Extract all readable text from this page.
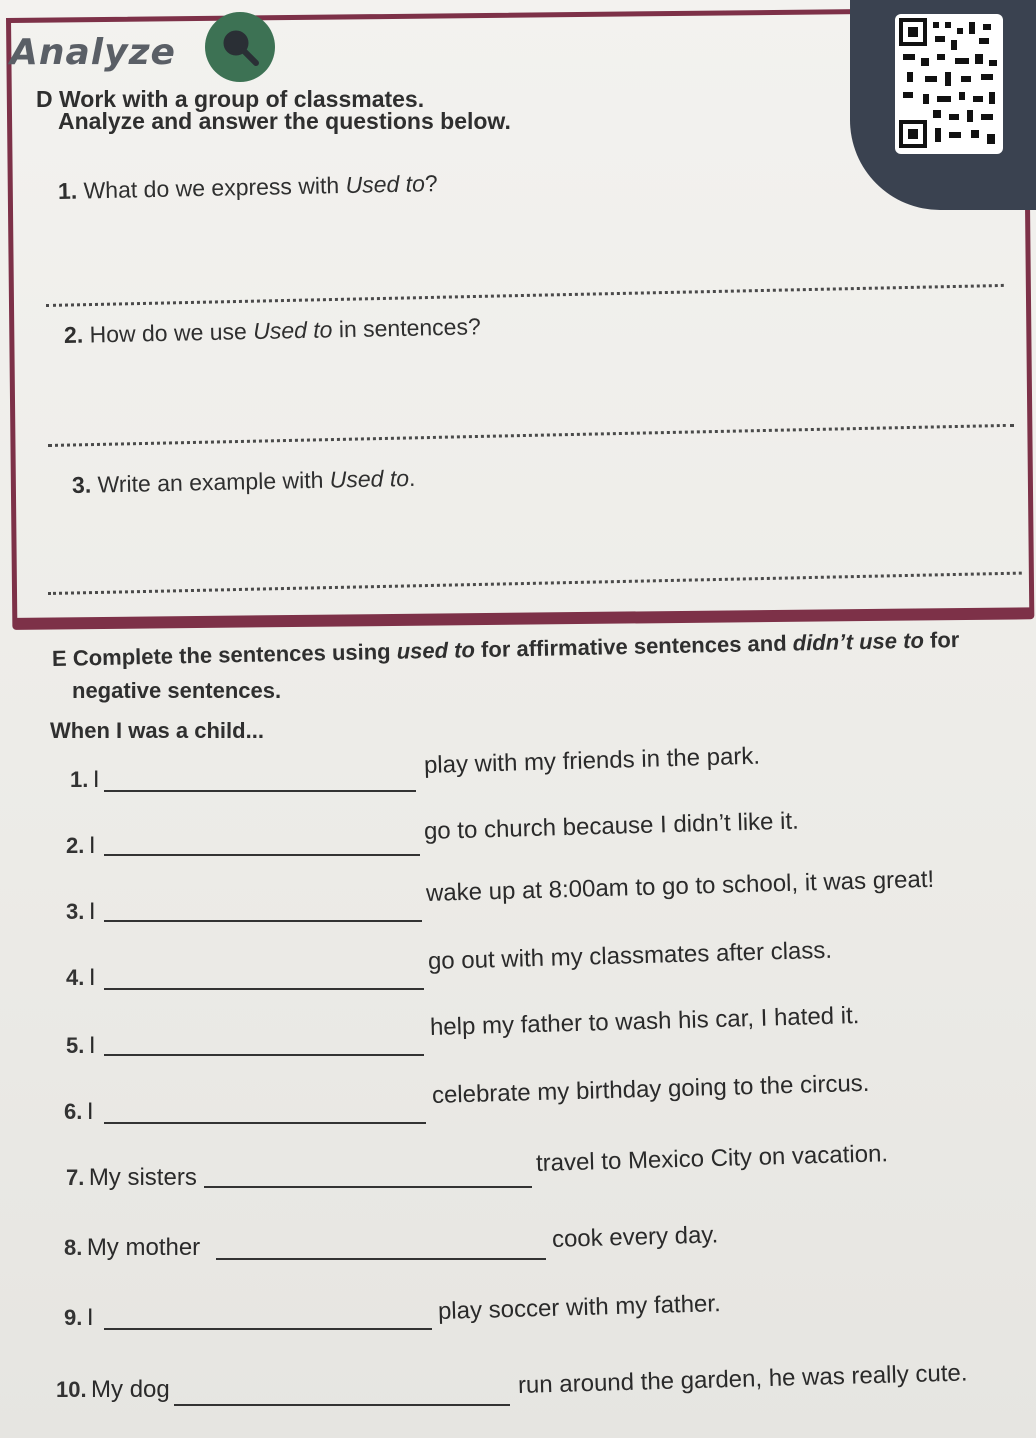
Analyze
D Work with a group of classmates.
Analyze and answer the questions below.
1. What do we express with Used to?
2. How do we use Used to in sentences?
3. Write an example with Used to.
E Complete the sentences using used to for affirmative sentences and didn’t use to for
negative sentences.
When I was a child...
1. I
play with my friends in the park.
2. I
go to church because I didn’t like it.
3. I
wake up at 8:00am to go to school, it was great!
4. I
go out with my classmates after class.
5. I
help my father to wash his car, I hated it.
6. I
celebrate my birthday going to the circus.
7. My sisters
travel to Mexico City on vacation.
8. My mother	cook every day.
9. I	play soccer with my father.
10. My dog	run around the garden, he was really cute.
